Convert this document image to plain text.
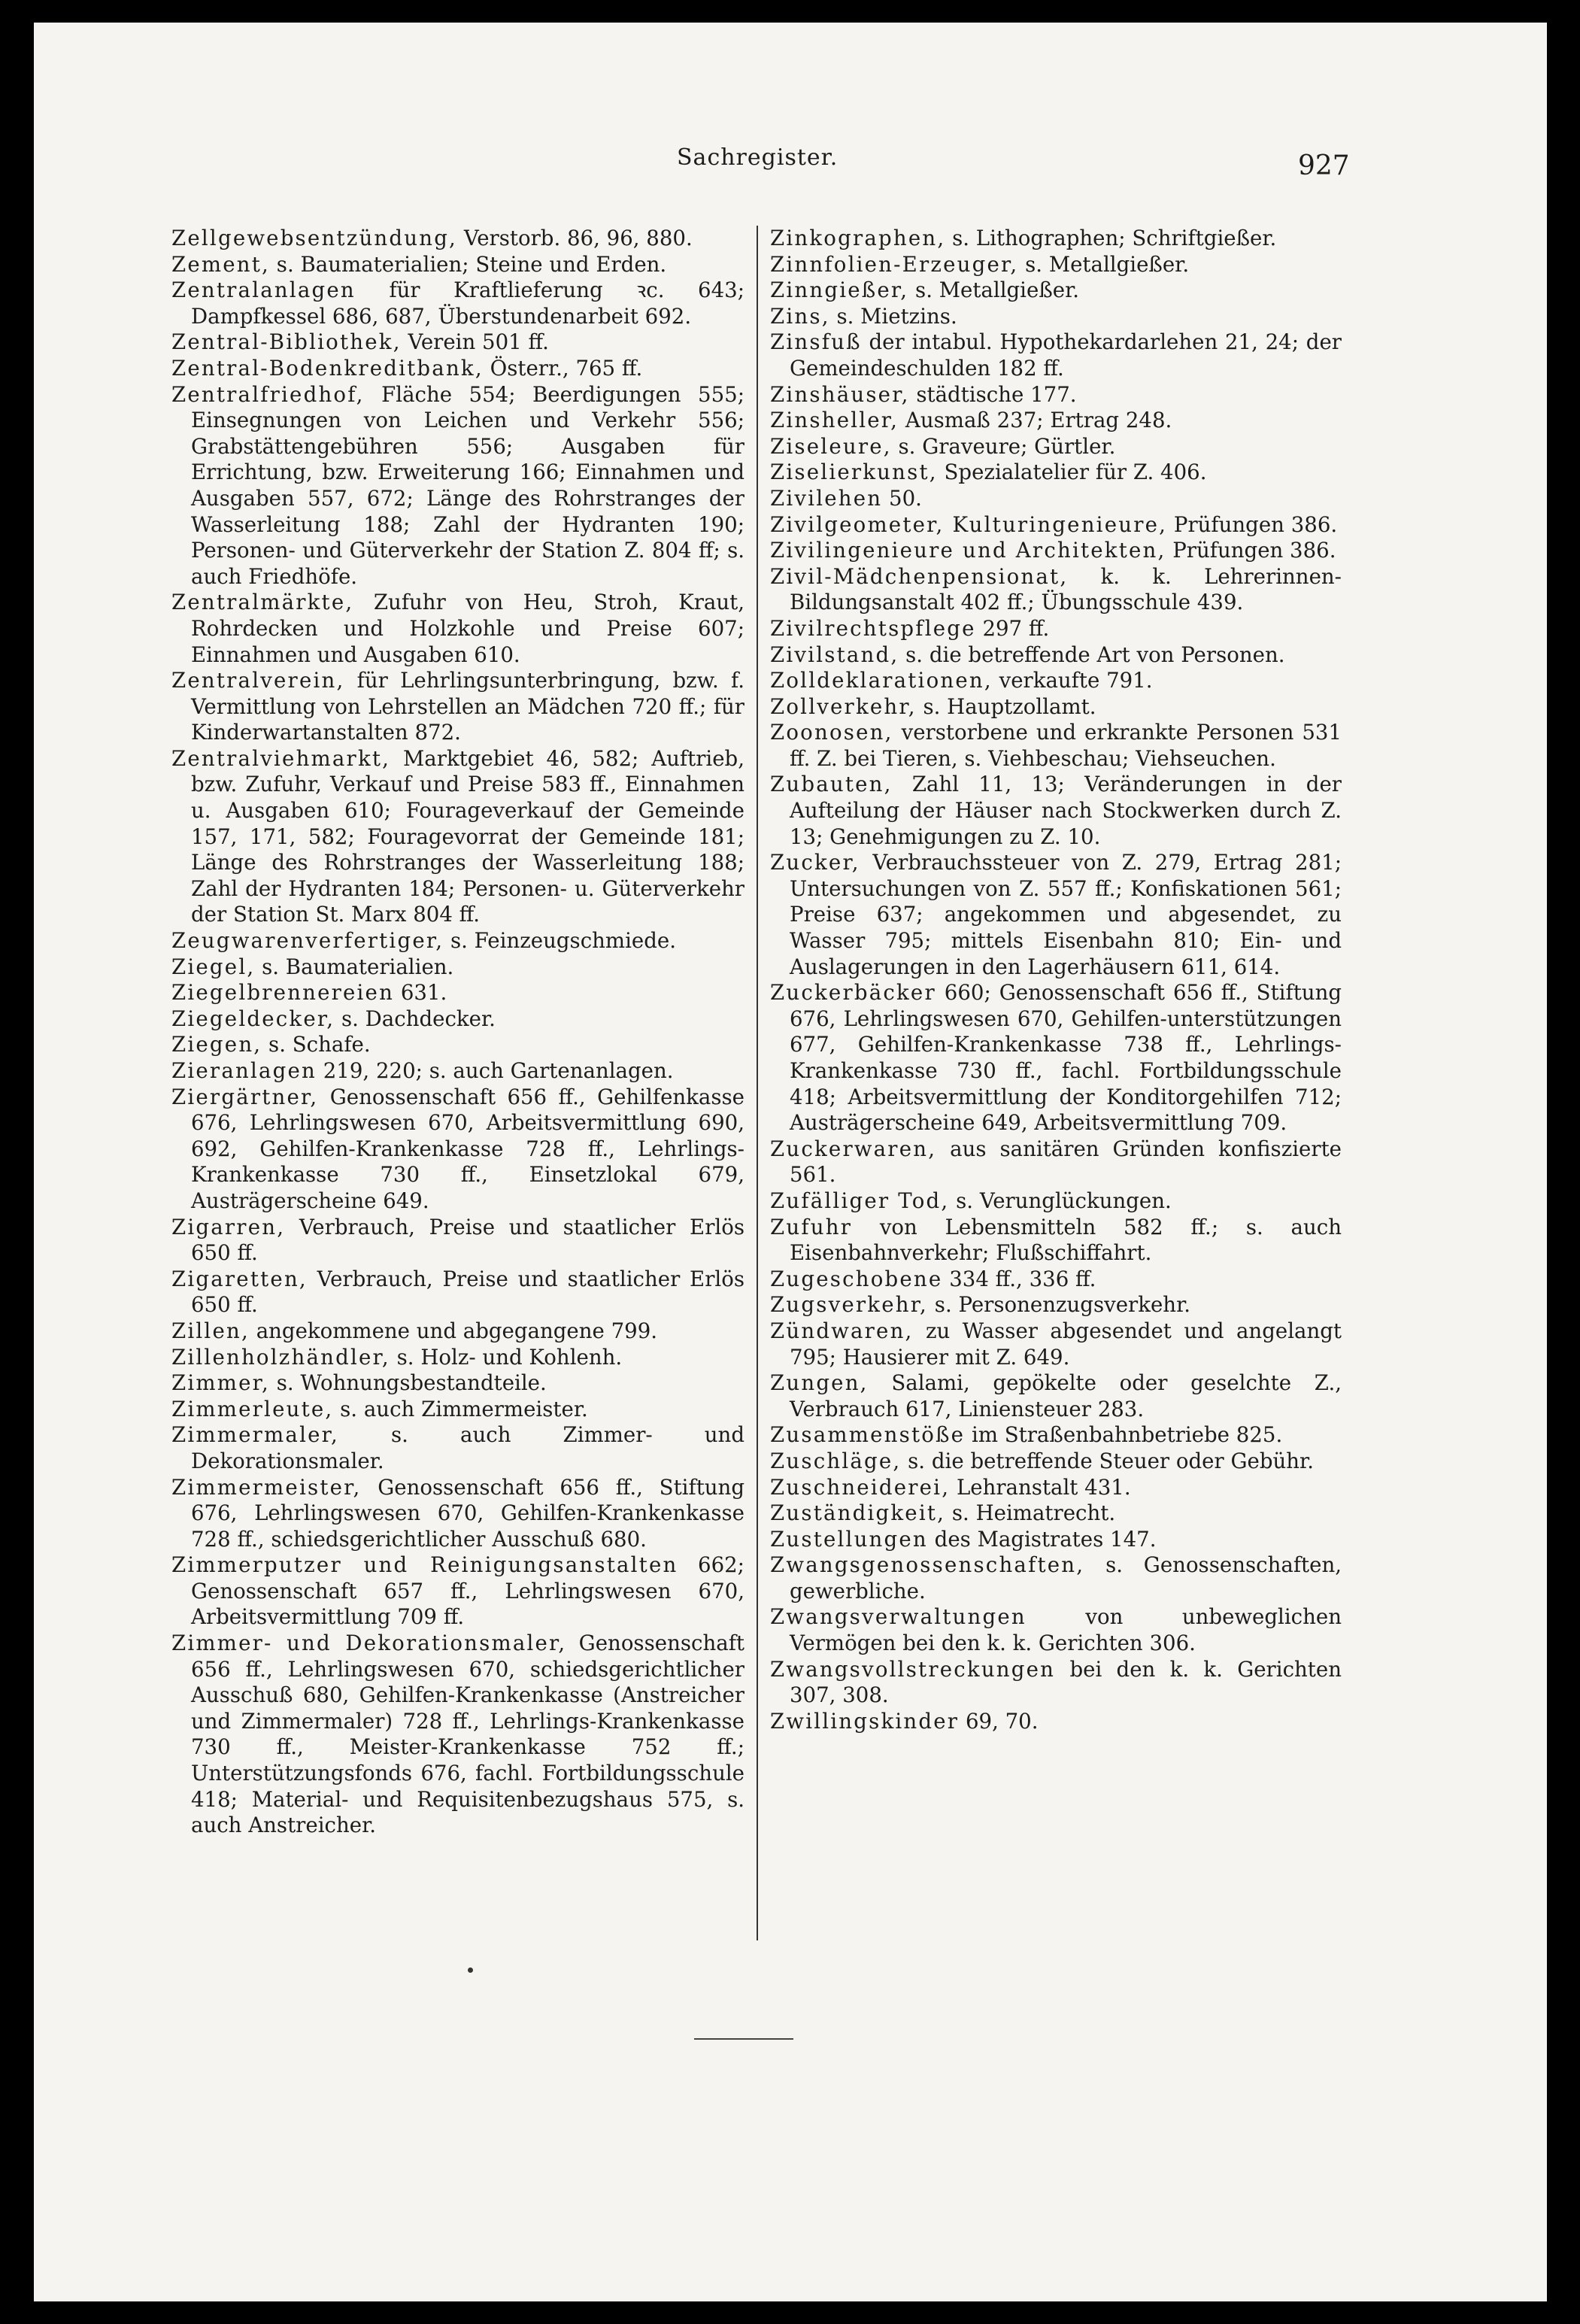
Sachregister.	927

Zellgewebsentzündung, Verstorb. 86, 96, 880.

Zement, s. Baumaterialien; Steine und Erden.

Zentralanlagen für Kraftlieferung ꝛc. 643; Dampfkessel 686, 687, Überstundenarbeit 692.

Zentral-Bibliothek, Verein 501 ff.

Zentral-Bodenkreditbank, Österr., 765 ff.

Zentralfriedhof, Fläche 554; Beerdigungen 555; Einsegnungen von Leichen und Verkehr 556; Grabstättengebühren 556; Ausgaben für Errichtung, bzw. Erweiterung 166; Einnahmen und Ausgaben 557, 672; Länge des Rohrstranges der Wasserleitung 188; Zahl der Hydranten 190; Personen- und Güterverkehr der Station Z. 804 ff; s. auch Friedhöfe.

Zentralmärkte, Zufuhr von Heu, Stroh, Kraut, Rohrdecken und Holzkohle und Preise 607; Einnahmen und Ausgaben 610.

Zentralverein, für Lehrlingsunterbringung, bzw. f. Vermittlung von Lehrstellen an Mädchen 720 ff.; für Kinderwartanstalten 872.

Zentralviehmarkt, Marktgebiet 46, 582; Auftrieb, bzw. Zufuhr, Verkauf und Preise 583 ff., Einnahmen u. Ausgaben 610; Fourageverkauf der Gemeinde 157, 171, 582; Fouragevorrat der Gemeinde 181; Länge des Rohrstranges der Wasserleitung 188; Zahl der Hydranten 184; Personen- u. Güterverkehr der Station St. Marx 804 ff.

Zeugwarenverfertiger, s. Feinzeugschmiede.

Ziegel, s. Baumaterialien.

Ziegelbrennereien 631.

Ziegeldecker, s. Dachdecker.

Ziegen, s. Schafe.

Zieranlagen 219, 220; s. auch Gartenanlagen.

Ziergärtner, Genossenschaft 656 ff., Gehilfenkasse 676, Lehrlingswesen 670, Arbeitsvermittlung 690, 692, Gehilfen-Krankenkasse 728 ff., Lehrlings-Krankenkasse 730 ff., Einsetzlokal 679, Austrägerscheine 649.

Zigarren, Verbrauch, Preise und staatlicher Erlös 650 ff.

Zigaretten, Verbrauch, Preise und staatlicher Erlös 650 ff.

Zillen, angekommene und abgegangene 799.

Zillenholzhändler, s. Holz- und Kohlenh.

Zimmer, s. Wohnungsbestandteile.

Zimmerleute, s. auch Zimmermeister.

Zimmermaler, s. auch Zimmer- und Dekorationsmaler.

Zimmermeister, Genossenschaft 656 ff., Stiftung 676, Lehrlingswesen 670, Gehilfen-Krankenkasse 728 ff., schiedsgerichtlicher Ausschuß 680.

Zimmerputzer und Reinigungsanstalten 662; Genossenschaft 657 ff., Lehrlingswesen 670, Arbeitsvermittlung 709 ff.

Zimmer- und Dekorationsmaler, Genossenschaft 656 ff., Lehrlingswesen 670, schiedsgerichtlicher Ausschuß 680, Gehilfen-Krankenkasse (Anstreicher und Zimmermaler) 728 ff., Lehrlings-Krankenkasse 730 ff., Meister-Krankenkasse 752 ff.; Unterstützungsfonds 676, fachl. Fortbildungsschule 418; Material- und Requisitenbezugshaus 575, s. auch Anstreicher.

Zinkographen, s. Lithographen; Schriftgießer.

Zinnfolien-Erzeuger, s. Metallgießer.

Zinngießer, s. Metallgießer.

Zins, s. Mietzins.

Zinsfuß der intabul. Hypothekardarlehen 21, 24; der Gemeindeschulden 182 ff.

Zinshäuser, städtische 177.

Zinsheller, Ausmaß 237; Ertrag 248.

Ziseleure, s. Graveure; Gürtler.

Ziselierkunst, Spezialatelier für Z. 406.

Zivilehen 50.

Zivilgeometer, Kulturingenieure, Prüfungen 386.

Zivilingenieure und Architekten, Prüfungen 386.

Zivil-Mädchenpensionat, k. k. Lehrerinnen-Bildungsanstalt 402 ff.; Übungsschule 439.

Zivilrechtspflege 297 ff.

Zivilstand, s. die betreffende Art von Personen.

Zolldeklarationen, verkaufte 791.

Zollverkehr, s. Hauptzollamt.

Zoonosen, verstorbene und erkrankte Personen 531 ff. Z. bei Tieren, s. Viehbeschau; Viehseuchen.

Zubauten, Zahl 11, 13; Veränderungen in der Aufteilung der Häuser nach Stockwerken durch Z. 13; Genehmigungen zu Z. 10.

Zucker, Verbrauchssteuer von Z. 279, Ertrag 281; Untersuchungen von Z. 557 ff.; Konfiskationen 561; Preise 637; angekommen und abgesendet, zu Wasser 795; mittels Eisenbahn 810; Ein- und Auslagerungen in den Lagerhäusern 611, 614.

Zuckerbäcker 660; Genossenschaft 656 ff., Stiftung 676, Lehrlingswesen 670, Gehilfen-unterstützungen 677, Gehilfen-Krankenkasse 738 ff., Lehrlings-Krankenkasse 730 ff., fachl. Fortbildungsschule 418; Arbeitsvermittlung der Konditorgehilfen 712; Austrägerscheine 649, Arbeitsvermittlung 709.

Zuckerwaren, aus sanitären Gründen konfiszierte 561.

Zufälliger Tod, s. Verunglückungen.

Zufuhr von Lebensmitteln 582 ff.; s. auch Eisenbahnverkehr; Flußschiffahrt.

Zugeschobene 334 ff., 336 ff.

Zugsverkehr, s. Personenzugsverkehr.

Zündwaren, zu Wasser abgesendet und angelangt 795; Hausierer mit Z. 649.

Zungen, Salami, gepökelte oder geselchte Z., Verbrauch 617, Liniensteuer 283.

Zusammenstöße im Straßenbahnbetriebe 825.

Zuschläge, s. die betreffende Steuer oder Gebühr.

Zuschneiderei, Lehranstalt 431.

Zuständigkeit, s. Heimatrecht.

Zustellungen des Magistrates 147.

Zwangsgenossenschaften, s. Genossenschaften, gewerbliche.

Zwangsverwaltungen von unbeweglichen Vermögen bei den k. k. Gerichten 306.

Zwangsvollstreckungen bei den k. k. Gerichten 307, 308.

Zwillingskinder 69, 70.
